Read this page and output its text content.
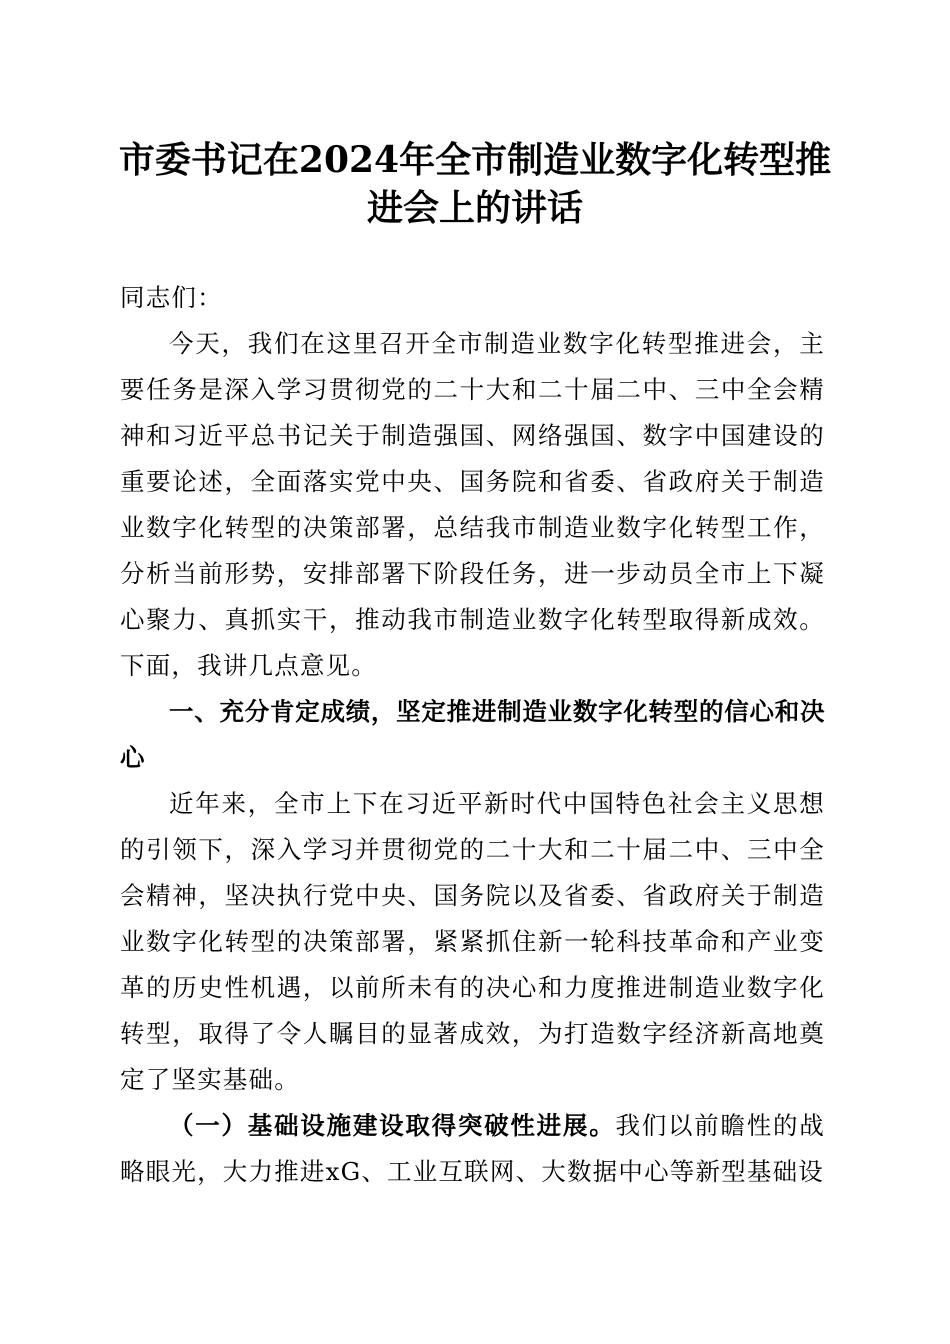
市委书记在2024年全市制造业数字化转型推
进会上的讲话

同志们：

今天，我们在这里召开全市制造业数字化转型推进会，主要任务是深入学习贯彻党的二十大和二十届二中、三中全会精神和习近平总书记关于制造强国、网络强国、数字中国建设的重要论述，全面落实党中央、国务院和省委、省政府关于制造业数字化转型的决策部署，总结我市制造业数字化转型工作，分析当前形势，安排部署下阶段任务，进一步动员全市上下凝心聚力、真抓实干，推动我市制造业数字化转型取得新成效。下面，我讲几点意见。

一、充分肯定成绩，坚定推进制造业数字化转型的信心和决心

近年来，全市上下在习近平新时代中国特色社会主义思想的引领下，深入学习并贯彻党的二十大和二十届二中、三中全会精神，坚决执行党中央、国务院以及省委、省政府关于制造业数字化转型的决策部署，紧紧抓住新一轮科技革命和产业变革的历史性机遇，以前所未有的决心和力度推进制造业数字化转型，取得了令人瞩目的显著成效，为打造数字经济新高地奠定了坚实基础。

（一）基础设施建设取得突破性进展。我们以前瞻性的战略眼光，大力推进xG、工业互联网、大数据中心等新型基础设
